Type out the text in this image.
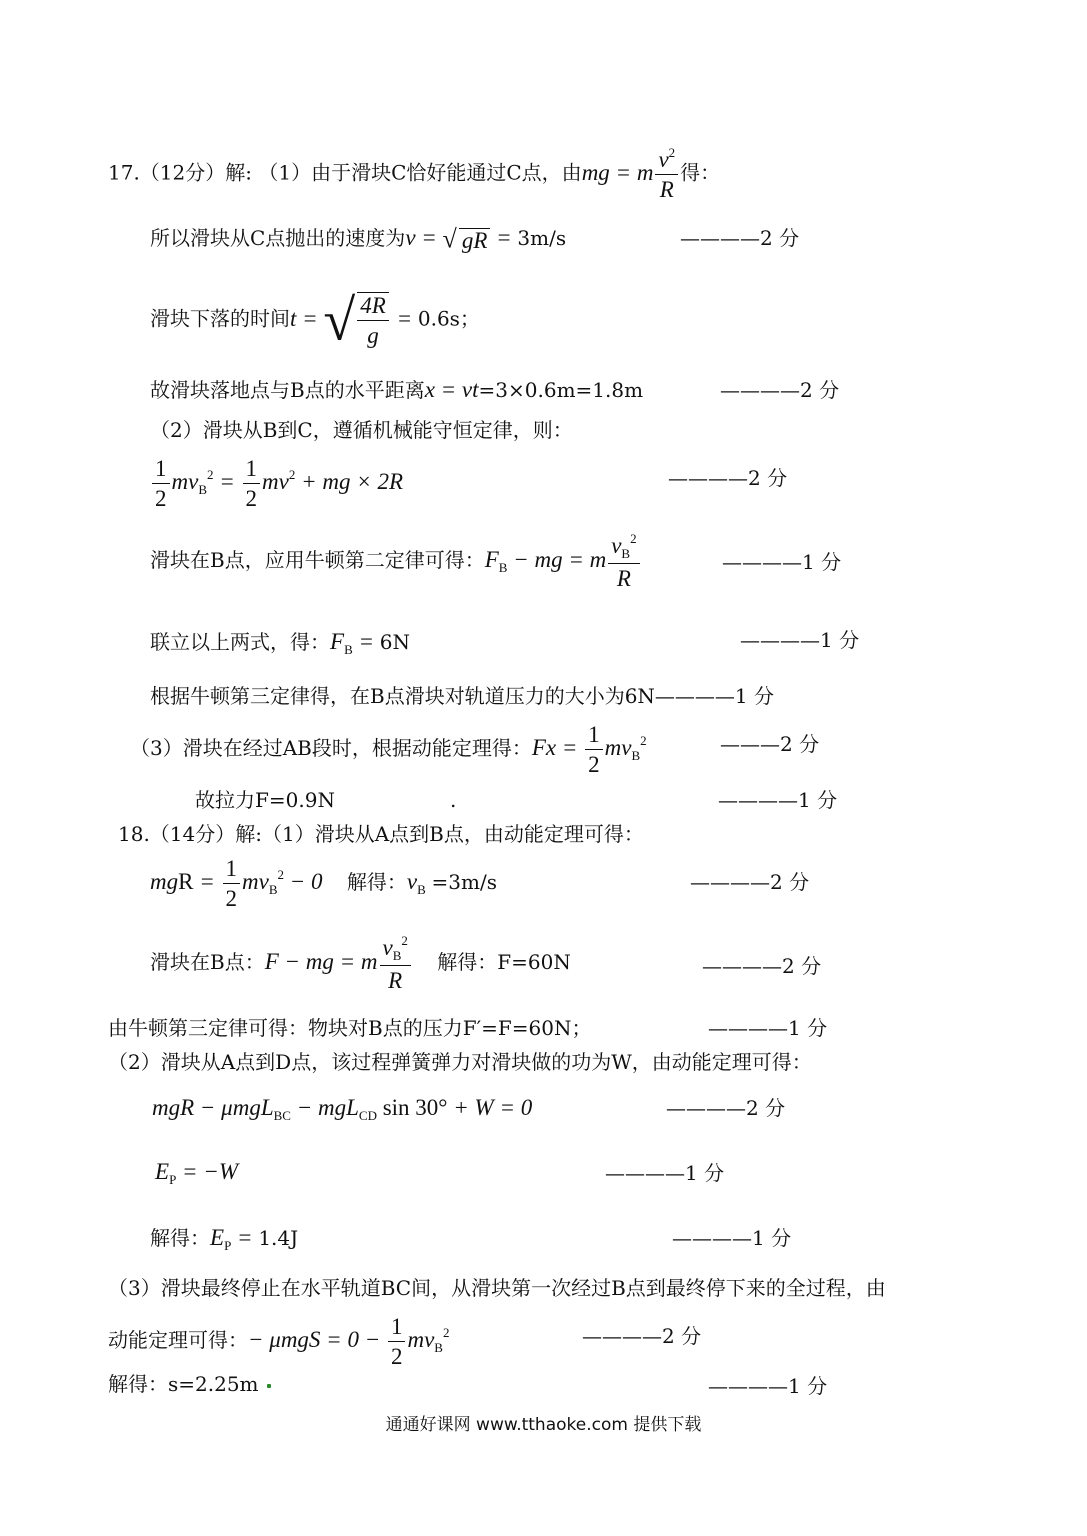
17.（12分）解: （1）由于滑块C恰好能通过C点，由mg = m $\frac{v^2}{R}$ 得：
所以滑块从C点抛出的速度为v = √ gR = 3m/s	————2 分
滑块下落的时间t = √ $\frac{4R}{g} = 0.6s$；
故滑块落地点与B点的水平距离x = vt=3×0.6m=1.8m	————2 分
（2）滑块从B到C，遵循机械能守恒定律，则：
$\frac{1}{2} mv_B^2 = \frac{1}{2} mv^2$ + mg × 2R	————2 分
滑块在B点，应用牛顿第二定律可得：$F_B$ − mg = m $\frac{v_B^2}{R}$	————1 分
联立以上两式，得：$F_B = 6N$	————1 分
根据牛顿第三定律得，在B点滑块对轨道压力的大小为6N————1 分
（3）滑块在经过AB段时，根据动能定理得：$Fx = \frac{1}{2} mv_B^2$	———2 分
故拉力F=0.9N	.	————1 分
18.（14分）解:（1）滑块从A点到B点，由动能定理可得：
mgR = $\frac{1}{2} mv_B^2 - 0$ 解得：$v_B =3m/s$	————2 分
滑块在B点：F − mg = m $\frac{v_B^2}{R}$ 解得：F=60N	————2 分
由牛顿第三定律可得：物块对B点的压力F′=F=60N；	————1 分
（2）滑块从A点到D点，该过程弹簧弹力对滑块做的功为W，由动能定理可得：
mgR − μmgL$_{BC}$ − mgL$_{CD}$ sin 30° + W = 0	————2 分
$E_P = -W$	————1 分
解得：$E_P = 1.4J$	————1 分
（3）滑块最终停止在水平轨道BC间，从滑块第一次经过B点到最终停下来的全过程，由
动能定理可得：− $\mu mgS = 0 - \frac{1}{2} mv_B^2$	————2 分
解得：s=2.25m	————1 分
通通好课网 www.tthaoke.com 提供下载
